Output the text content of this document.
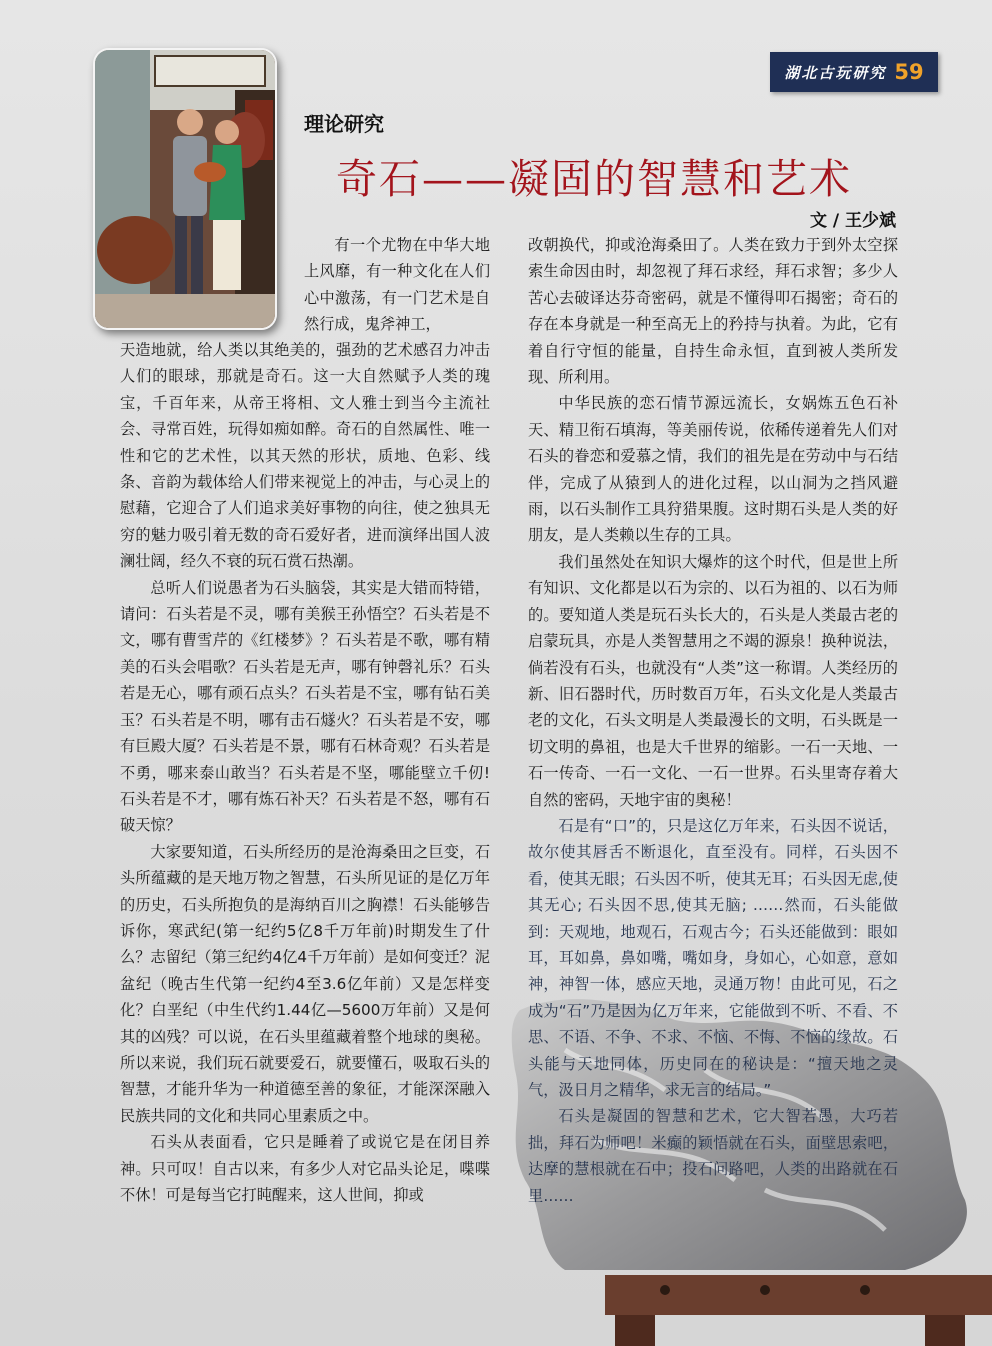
湖北古玩研究 59
理论研究
奇石——凝固的智慧和艺术
文 / 王少斌

有一个尤物在中华大地上风靡，有一种文化在人们心中激荡，有一门艺术是自然行成，鬼斧神工，

天造地就，给人类以其绝美的，强劲的艺术感召力冲击人们的眼球，那就是奇石。这一大自然赋予人类的瑰宝，千百年来，从帝王将相、文人雅士到当今主流社会、寻常百姓，玩得如痴如醉。奇石的自然属性、唯一性和它的艺术性，以其天然的形状，质地、色彩、线条、音韵为载体给人们带来视觉上的冲击，与心灵上的慰藉，它迎合了人们追求美好事物的向往，使之独具无穷的魅力吸引着无数的奇石爱好者，进而演绎出国人波澜壮阔，经久不衰的玩石赏石热潮。

总听人们说愚者为石头脑袋，其实是大错而特错，请问：石头若是不灵，哪有美猴王孙悟空？石头若是不文，哪有曹雪芹的《红楼梦》？石头若是不歌，哪有精美的石头会唱歌？石头若是无声，哪有钟磬礼乐？石头若是无心，哪有顽石点头？石头若是不宝，哪有钻石美玉？石头若是不明，哪有击石燧火？石头若是不安，哪有巨殿大厦？石头若是不景，哪有石林奇观？石头若是不勇，哪来泰山敢当？石头若是不坚，哪能壁立千仞!石头若是不才，哪有炼石补天？石头若是不怒，哪有石破天惊？

大家要知道，石头所经历的是沧海桑田之巨变，石头所蕴藏的是天地万物之智慧，石头所见证的是亿万年的历史，石头所抱负的是海纳百川之胸襟！石头能够告诉你，寒武纪(第一纪约5亿8千万年前)时期发生了什么？志留纪（第三纪约4亿4千万年前）是如何变迁？泥盆纪（晚古生代第一纪约4至3.6亿年前）又是怎样变化？白垩纪（中生代约1.44亿—5600万年前）又是何其的凶残？可以说，在石头里蕴藏着整个地球的奥秘。所以来说，我们玩石就要爱石，就要懂石，吸取石头的智慧，才能升华为一种道德至善的象征，才能深深融入民族共同的文化和共同心里素质之中。

石头从表面看，它只是睡着了或说它是在闭目养神。只可叹！自古以来，有多少人对它品头论足，喋喋不休！可是每当它打盹醒来，这人世间，抑或

改朝换代，抑或沧海桑田了。人类在致力于到外太空探索生命因由时，却忽视了拜石求经，拜石求智；多少人苦心去破译达芬奇密码，就是不懂得叩石揭密；奇石的存在本身就是一种至高无上的矜持与执着。为此，它有着自行守恒的能量，自持生命永恒，直到被人类所发现、所利用。

中华民族的恋石情节源远流长，女娲炼五色石补天、精卫衔石填海，等美丽传说，依稀传递着先人们对石头的眷恋和爱慕之情，我们的祖先是在劳动中与石结伴，完成了从猿到人的进化过程，以山洞为之挡风避雨，以石头制作工具狩猎果腹。这时期石头是人类的好朋友，是人类赖以生存的工具。

我们虽然处在知识大爆炸的这个时代，但是世上所有知识、文化都是以石为宗的、以石为祖的、以石为师的。要知道人类是玩石头长大的，石头是人类最古老的启蒙玩具，亦是人类智慧用之不竭的源泉！换种说法，倘若没有石头，也就没有“人类”这一称谓。人类经历的新、旧石器时代，历时数百万年，石头文化是人类最古老的文化，石头文明是人类最漫长的文明，石头既是一切文明的鼻祖，也是大千世界的缩影。一石一天地、一石一传奇、一石一文化、一石一世界。石头里寄存着大自然的密码，天地宇宙的奥秘！

石是有“口”的，只是这亿万年来，石头因不说话，故尔使其唇舌不断退化，直至没有。同样，石头因不看，使其无眼；石头因不听，使其无耳；石头因无虑,使其无心; 石头因不思,使其无脑; ……然而，石头能做到：天观地，地观石，石观古今；石头还能做到：眼如耳，耳如鼻，鼻如嘴，嘴如身，身如心，心如意，意如神，神智一体，感应天地，灵通万物！由此可见，石之成为“石”乃是因为亿万年来，它能做到不听、不看、不思、不语、不争、不求、不恼、不悔、不恼的缘故。石头能与天地同体，历史同在的秘诀是：“擅天地之灵气，汲日月之精华，求无言的结局。”

石头是凝固的智慧和艺术，它大智若愚，大巧若拙，拜石为师吧！米癫的颖悟就在石头，面壁思索吧，达摩的慧根就在石中；投石问路吧，人类的出路就在石里……
